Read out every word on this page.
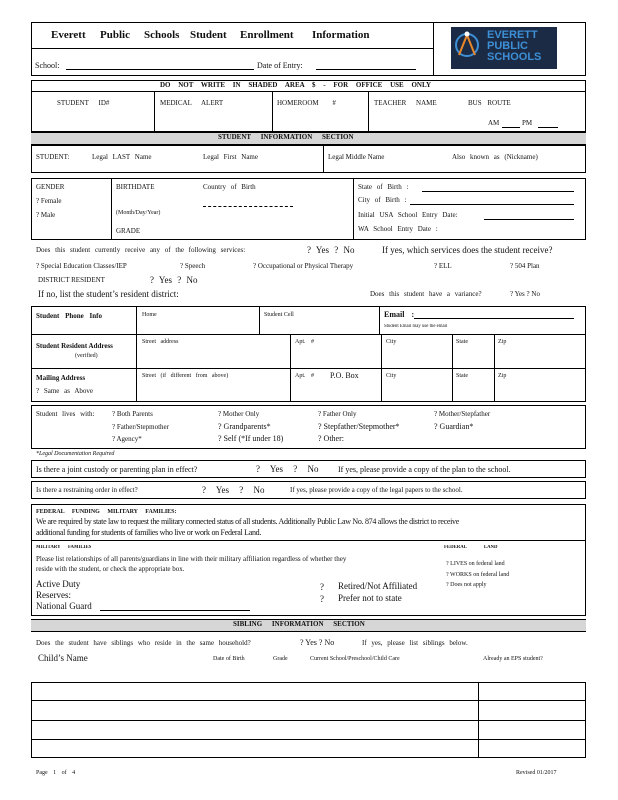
Everett Public Schools Student Enrollment Information
School:	Date of Entry:
EVERETT
PUBLIC
SCHOOLS
DO NOT WRITE IN SHADED AREA $ - FOR OFFICE USE ONLY
STUDENT ID#	MEDICAL ALERT	HOMEROOM #	TEACHER NAME	BUS ROUTE
AM	PM
STUDENT INFORMATION SECTION
STUDENT:	Legal LAST Name	Legal First Name	Legal Middle Name	Also known as (Nickname)
GENDER
? Female
? Male
BIRTHDATE
(Month/Day/Year)
GRADE
Country of Birth	State of Birth :
City of Birth :
Initial USA School Entry Date:
WA School Entry Date :
Does this student currently receive any of the following services:	? Yes ? No	If yes, which services does the student receive?
? Special Education Classes/IEP	? Speech	? Occupational or Physical Therapy	? ELL	? 504 Plan
DISTRICT RESIDENT	? Yes ? No
If no, list the student’s resident district:	Does this student have a variance?	? Yes ? No
Student Phone Info	Home	Student Cell	Email :
Student Email may use the email
Student Resident Address
(verified)
Street address	Apt. #	City	State	Zip
Mailing Address
? Same as Above
Street (if different from above)	Apt. # P.O. Box	City	State	Zip
Student lives with:	? Both Parents	? Mother Only	? Father Only	? Mother/Stepfather
? Father/Stepmother	? Grandparents*	? Stepfather/Stepmother*	? Guardian*
? Agency*	? Self (*If under 18)	? Other:
*Legal Documentation Required
Is there a joint custody or parenting plan in effect?	? Yes ? No If yes, please provide a copy of the plan to the school.
Is there a restraining order in effect?	? Yes ? No	If yes, please provide a copy of the legal papers to the school.
FEDERAL FUNDING MILITARY FAMILIES:
We are required by state law to request the military connected status of all students. Additionally Public Law No. 874 allows the district to receive
additional funding for students of families who live or work on Federal Land.
MILITARY FAMILIES
Please list relationships of all parents/guardians in line with their military affiliation regardless of whether they
reside with the student, or check the appropriate box.
Active Duty
Reserves:
National Guard
? Retired/Not Affiliated
? Prefer not to state
FEDERAL LAND
? LIVES on federal land
? WORKS on federal land
? Does not apply
SIBLING INFORMATION SECTION
Does the student have siblings who reside in the same household?	? Yes ? No	If yes, please list siblings below.
Child’s Name	Date of Birth	Grade	Current School/Preschool/Child Care	Already an EPS student?
Page 1 of 4	Revised 01/2017
